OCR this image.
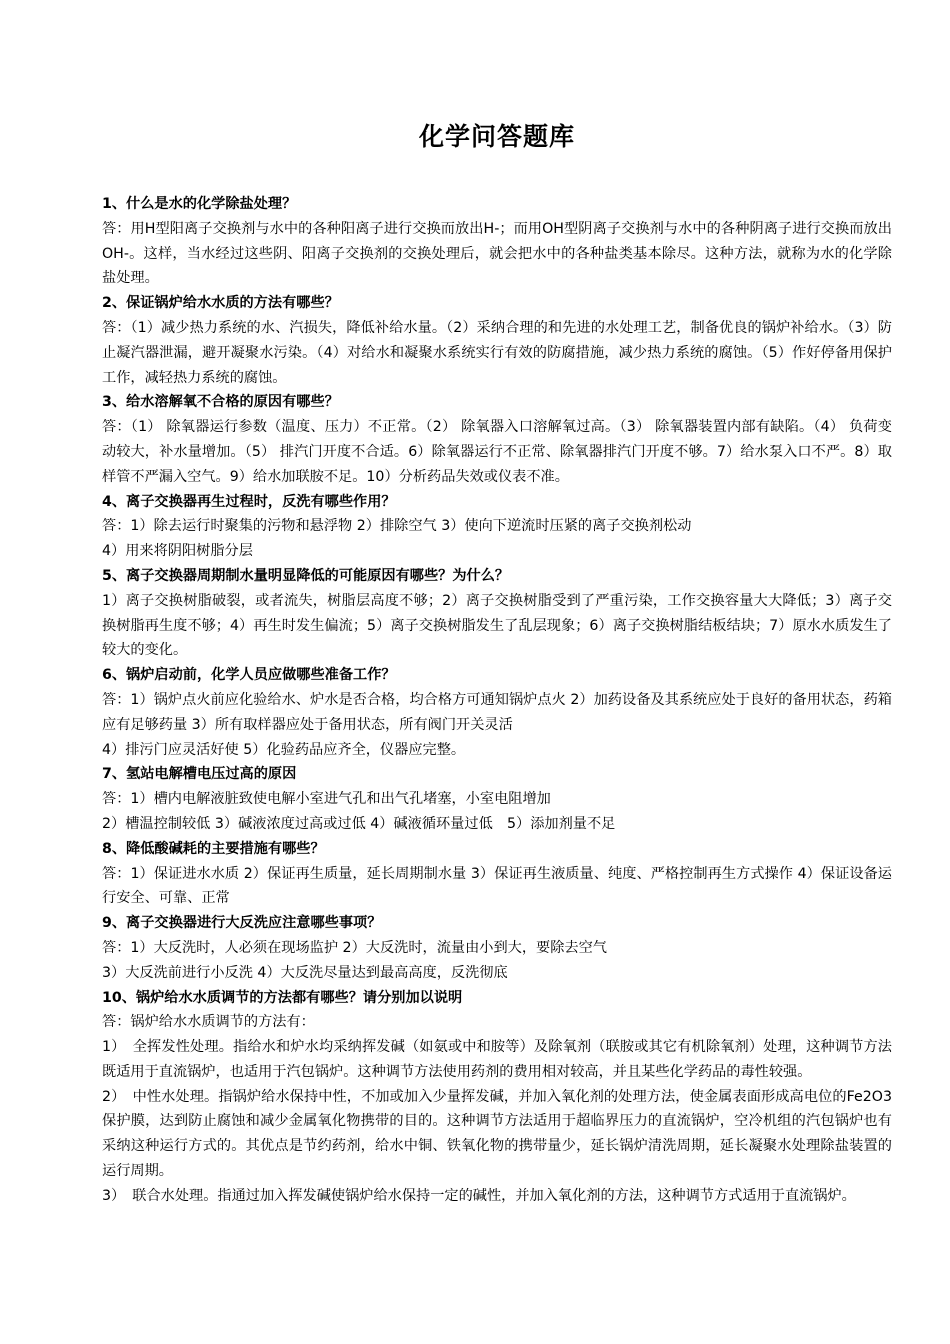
化学问答题库

1、什么是水的化学除盐处理？

答：用H型阳离子交换剂与水中的各种阳离子进行交换而放出H-；而用OH型阴离子交换剂与水中的各种阴离子进行交换而放出OH-。这样，当水经过这些阴、阳离子交换剂的交换处理后，就会把水中的各种盐类基本除尽。这种方法，就称为水的化学除盐处理。

2、保证锅炉给水水质的方法有哪些？

答：（1）减少热力系统的水、汽损失，降低补给水量。（2）采纳合理的和先进的水处理工艺，制备优良的锅炉补给水。（3）防止凝汽器泄漏，避开凝聚水污染。（4）对给水和凝聚水系统实行有效的防腐措施，减少热力系统的腐蚀。（5）作好停备用保护工作，减轻热力系统的腐蚀。

3、给水溶解氧不合格的原因有哪些？

答：（1） 除氧器运行参数（温度、压力）不正常。（2） 除氧器入口溶解氧过高。（3） 除氧器装置内部有缺陷。（4） 负荷变动较大，补水量增加。（5） 排汽门开度不合适。6）除氧器运行不正常、除氧器排汽门开度不够。7）给水泵入口不严。8）取样管不严漏入空气。9）给水加联胺不足。10）分析药品失效或仪表不准。

4、离子交换器再生过程时，反洗有哪些作用？

答：1）除去运行时聚集的污物和悬浮物 2）排除空气 3）使向下逆流时压紧的离子交换剂松动

4）用来将阴阳树脂分层

5、离子交换器周期制水量明显降低的可能原因有哪些？为什么？

1）离子交换树脂破裂，或者流失，树脂层高度不够；2）离子交换树脂受到了严重污染，工作交换容量大大降低；3）离子交换树脂再生度不够；4）再生时发生偏流；5）离子交换树脂发生了乱层现象；6）离子交换树脂结板结块；7）原水水质发生了较大的变化。

6、锅炉启动前，化学人员应做哪些准备工作？

答：1）锅炉点火前应化验给水、炉水是否合格，均合格方可通知锅炉点火 2）加药设备及其系统应处于良好的备用状态，药箱应有足够药量 3）所有取样器应处于备用状态，所有阀门开关灵活

4）排污门应灵活好使 5）化验药品应齐全，仪器应完整。

7、氢站电解槽电压过高的原因

答：1）槽内电解液脏致使电解小室进气孔和出气孔堵塞，小室电阻增加

2）槽温控制较低 3）碱液浓度过高或过低 4）碱液循环量过低　5）添加剂量不足

8、降低酸碱耗的主要措施有哪些？

答：1）保证进水水质 2）保证再生质量，延长周期制水量 3）保证再生液质量、纯度、严格控制再生方式操作 4）保证设备运行安全、可靠、正常

9、离子交换器进行大反洗应注意哪些事项？

答：1）大反洗时，人必须在现场监护 2）大反洗时，流量由小到大，要除去空气

3）大反洗前进行小反洗 4）大反洗尽量达到最高高度，反洗彻底

10、锅炉给水水质调节的方法都有哪些？请分别加以说明

答：锅炉给水水质调节的方法有：

1）　全挥发性处理。指给水和炉水均采纳挥发碱（如氨或中和胺等）及除氧剂（联胺或其它有机除氧剂）处理，这种调节方法既适用于直流锅炉，也适用于汽包锅炉。这种调节方法使用药剂的费用相对较高，并且某些化学药品的毒性较强。

2）　中性水处理。指锅炉给水保持中性，不加或加入少量挥发碱，并加入氧化剂的处理方法，使金属表面形成高电位的Fe2O3保护膜，达到防止腐蚀和减少金属氧化物携带的目的。这种调节方法适用于超临界压力的直流锅炉，空冷机组的汽包锅炉也有采纳这种运行方式的。其优点是节约药剂，给水中铜、铁氧化物的携带量少，延长锅炉清洗周期，延长凝聚水处理除盐装置的运行周期。

3）　联合水处理。指通过加入挥发碱使锅炉给水保持一定的碱性，并加入氧化剂的方法，这种调节方式适用于直流锅炉。
